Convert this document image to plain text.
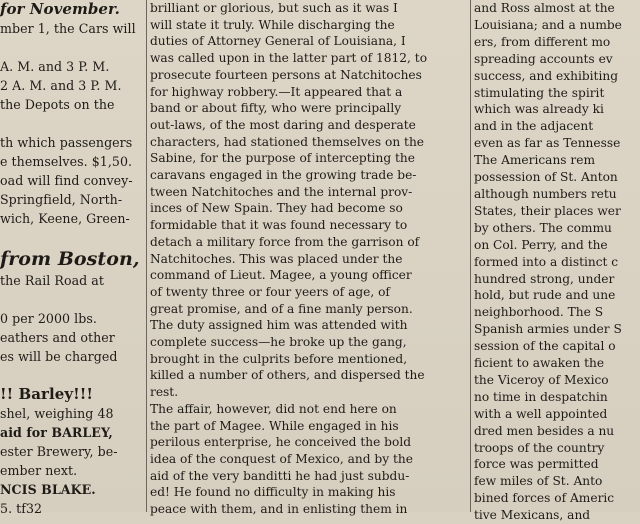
for November.
mber 1, the Cars will

A. M. and 3 P. M.
2 A. M. and 3 P. M.
the Depots on the

th which passengers
e themselves. $1,50.
oad will find convey-
Springfield, North-
wich, Keene, Green-

from Boston,
the Rail Road at

0 per 2000 lbs.
eathers and other
es will be charged

!! Barley!!!
shel, weighing 48
aid for BARLEY,
ester Brewery, be-
ember next.
NCIS BLAKE.
5. tf32
brilliant or glorious, but such as it was I
will state it truly. While discharging the
duties of Attorney General of Louisiana, I
was called upon in the latter part of 1812, to
prosecute fourteen persons at Natchitoches
for highway robbery.—It appeared that a
band or about fifty, who were principally
out-laws, of the most daring and desperate
characters, had stationed themselves on the
Sabine, for the purpose of intercepting the
caravans engaged in the growing trade be-
tween Natchitoches and the internal prov-
inces of New Spain. They had become so
formidable that it was found necessary to
detach a military force from the garrison of
Natchitoches. This was placed under the
command of Lieut. Magee, a young officer
of twenty three or four yeers of age, of
great promise, and of a fine manly person.
The duty assigned him was attended with
complete success—he broke up the gang,
brought in the culprits before mentioned,
killed a number of others, and dispersed the
rest.
The affair, however, did not end here on
the part of Magee. While engaged in his
perilous enterprise, he conceived the bold
idea of the conquest of Mexico, and by the
aid of the very banditti he had just subdu-
ed! He found no difficulty in making his
peace with them, and in enlisting them in
and Ross almost at the
Louisiana; and a numbe
ers, from different mo
spreading accounts ev
success, and exhibiting
stimulating the spirit
which was already ki
and in the adjacent
even as far as Tennesse
The Americans rem
possession of St. Anton
although numbers retu
States, their places wer
by others. The commu
on Col. Perry, and the
formed into a distinct c
hundred strong, under
hold, but rude and une
neighborhood. The S
Spanish armies under S
session of the capital o
ficient to awaken the
the Viceroy of Mexico
no time in despatchin
with a well appointed
dred men besides a nu
troops of the country
force was permitted
few miles of St. Anto
bined forces of Americ
tive Mexicans, and
